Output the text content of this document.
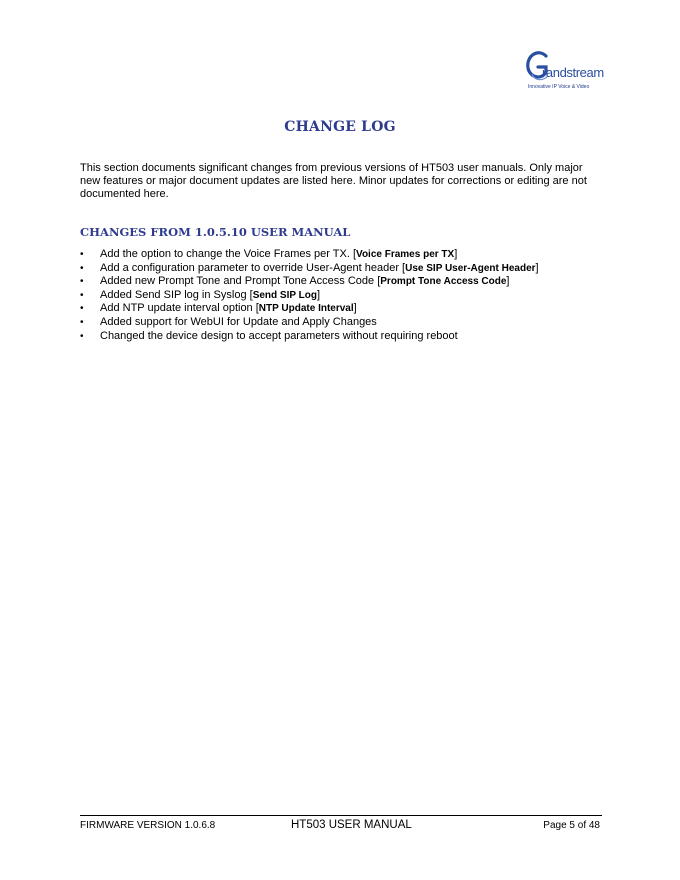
randstream
Innovative IP Voice & Video
CHANGE LOG

This section documents significant changes from previous versions of HT503 user manuals. Only major new features or major document updates are listed here. Minor updates for corrections or editing are not documented here.

CHANGES FROM 1.0.5.10 USER MANUAL
• Add the option to change the Voice Frames per TX. [Voice Frames per TX]
• Add a configuration parameter to override User-Agent header [Use SIP User-Agent Header]
• Added new Prompt Tone and Prompt Tone Access Code [Prompt Tone Access Code]
• Added Send SIP log in Syslog [Send SIP Log]
• Add NTP update interval option [NTP Update Interval]
• Added support for WebUI for Update and Apply Changes
• Changed the device design to accept parameters without requiring reboot
FIRMWARE VERSION 1.0.6.8	HT503 USER MANUAL	Page 5 of 48
